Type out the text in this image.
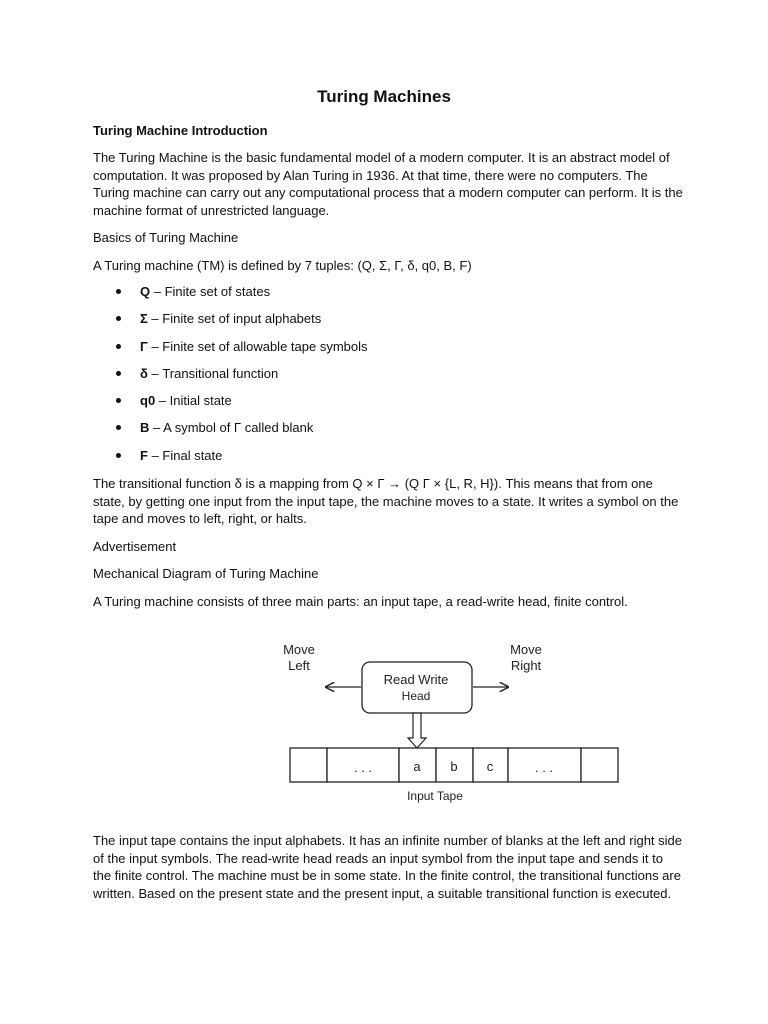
Turing Machines

Turing Machine Introduction

The Turing Machine is the basic fundamental model of a modern computer. It is an abstract model of computation. It was proposed by Alan Turing in 1936. At that time, there were no computers. The Turing machine can carry out any computational process that a modern computer can perform. It is the machine format of unrestricted language.

Basics of Turing Machine

A Turing machine (TM) is defined by 7 tuples: (Q, Σ, Γ, δ, q0, B, F)

Q – Finite set of states
Σ – Finite set of input alphabets
Γ – Finite set of allowable tape symbols
δ – Transitional function
q0 – Initial state
B – A symbol of Γ called blank
F – Final state

The transitional function δ is a mapping from Q × Γ → (Q Γ × {L, R, H}). This means that from one state, by getting one input from the input tape, the machine moves to a state. It writes a symbol on the tape and moves to left, right, or halts.

Advertisement

Mechanical Diagram of Turing Machine

A Turing machine consists of three main parts: an input tape, a read-write head, finite control.

Move
Left
Move
Right
Read Write
Head
. . .	a b c	. . .
Input Tape

The input tape contains the input alphabets. It has an infinite number of blanks at the left and right side of the input symbols. The read-write head reads an input symbol from the input tape and sends it to the finite control. The machine must be in some state. In the finite control, the transitional functions are written. Based on the present state and the present input, a suitable transitional function is executed.
